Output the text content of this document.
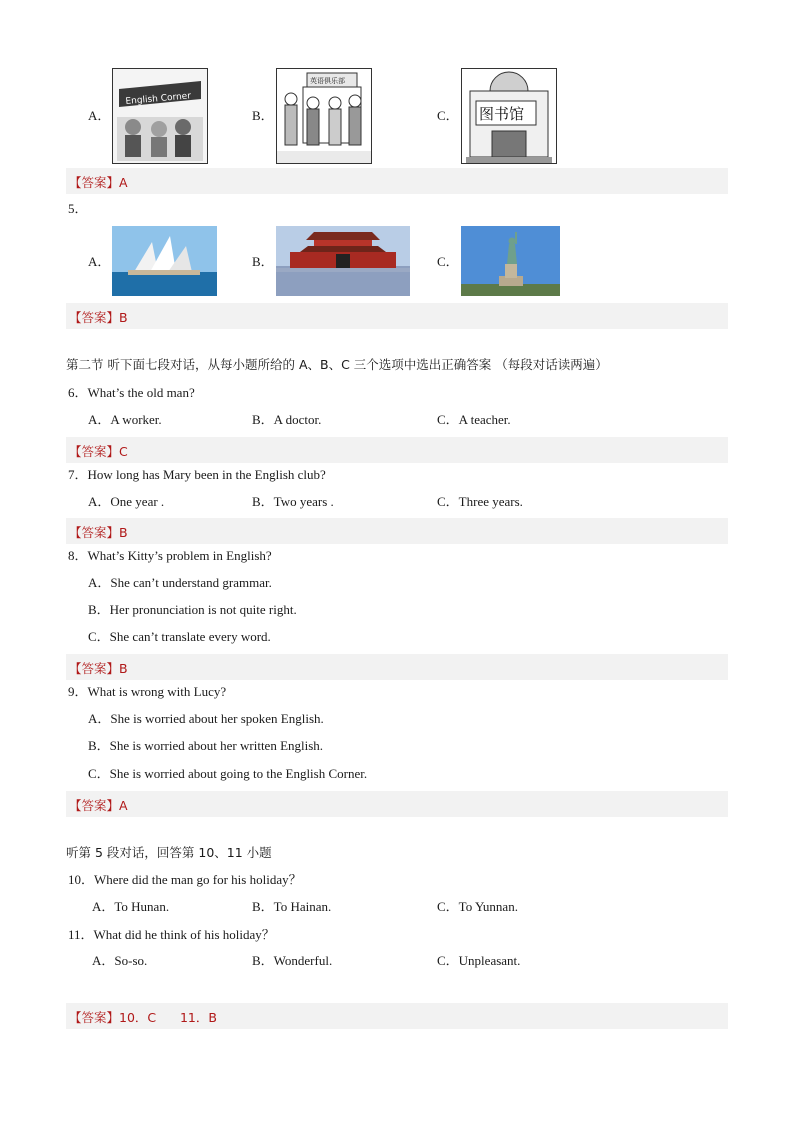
A．
English Corner
B．
英语俱乐部
C． 图书馆
【答案】A
5．
A．	B．	C．
【答案】B
第二节 听下面七段对话，从每小题所给的 A、B、C 三个选项中选出正确答案 （每段对话读两遍）
6．What’s the old man?
A．A worker.	B．A doctor.	C．A teacher.
【答案】C
7．How long has Mary been in the English club?
A．One year .	B．Two years .	C．Three years.
【答案】B
8．What’s Kitty’s problem in English?
A．She can’t understand grammar.
B．Her pronunciation is not quite right.
C．She can’t translate every word.
【答案】B
9．What is wrong with Lucy?
A．She is worried about her spoken English.
B．She is worried about her written English.
C．She is worried about going to the English Corner.
【答案】A
听第 5 段对话，回答第 10、11 小题
10．Where did the man go for his holiday？
A．To Hunan.	B．To Hainan.	C．To Yunnan.
11．What did he think of his holiday？
A．So-so.	B．Wonderful.	C．Unpleasant.
【答案】10．C      11．B
